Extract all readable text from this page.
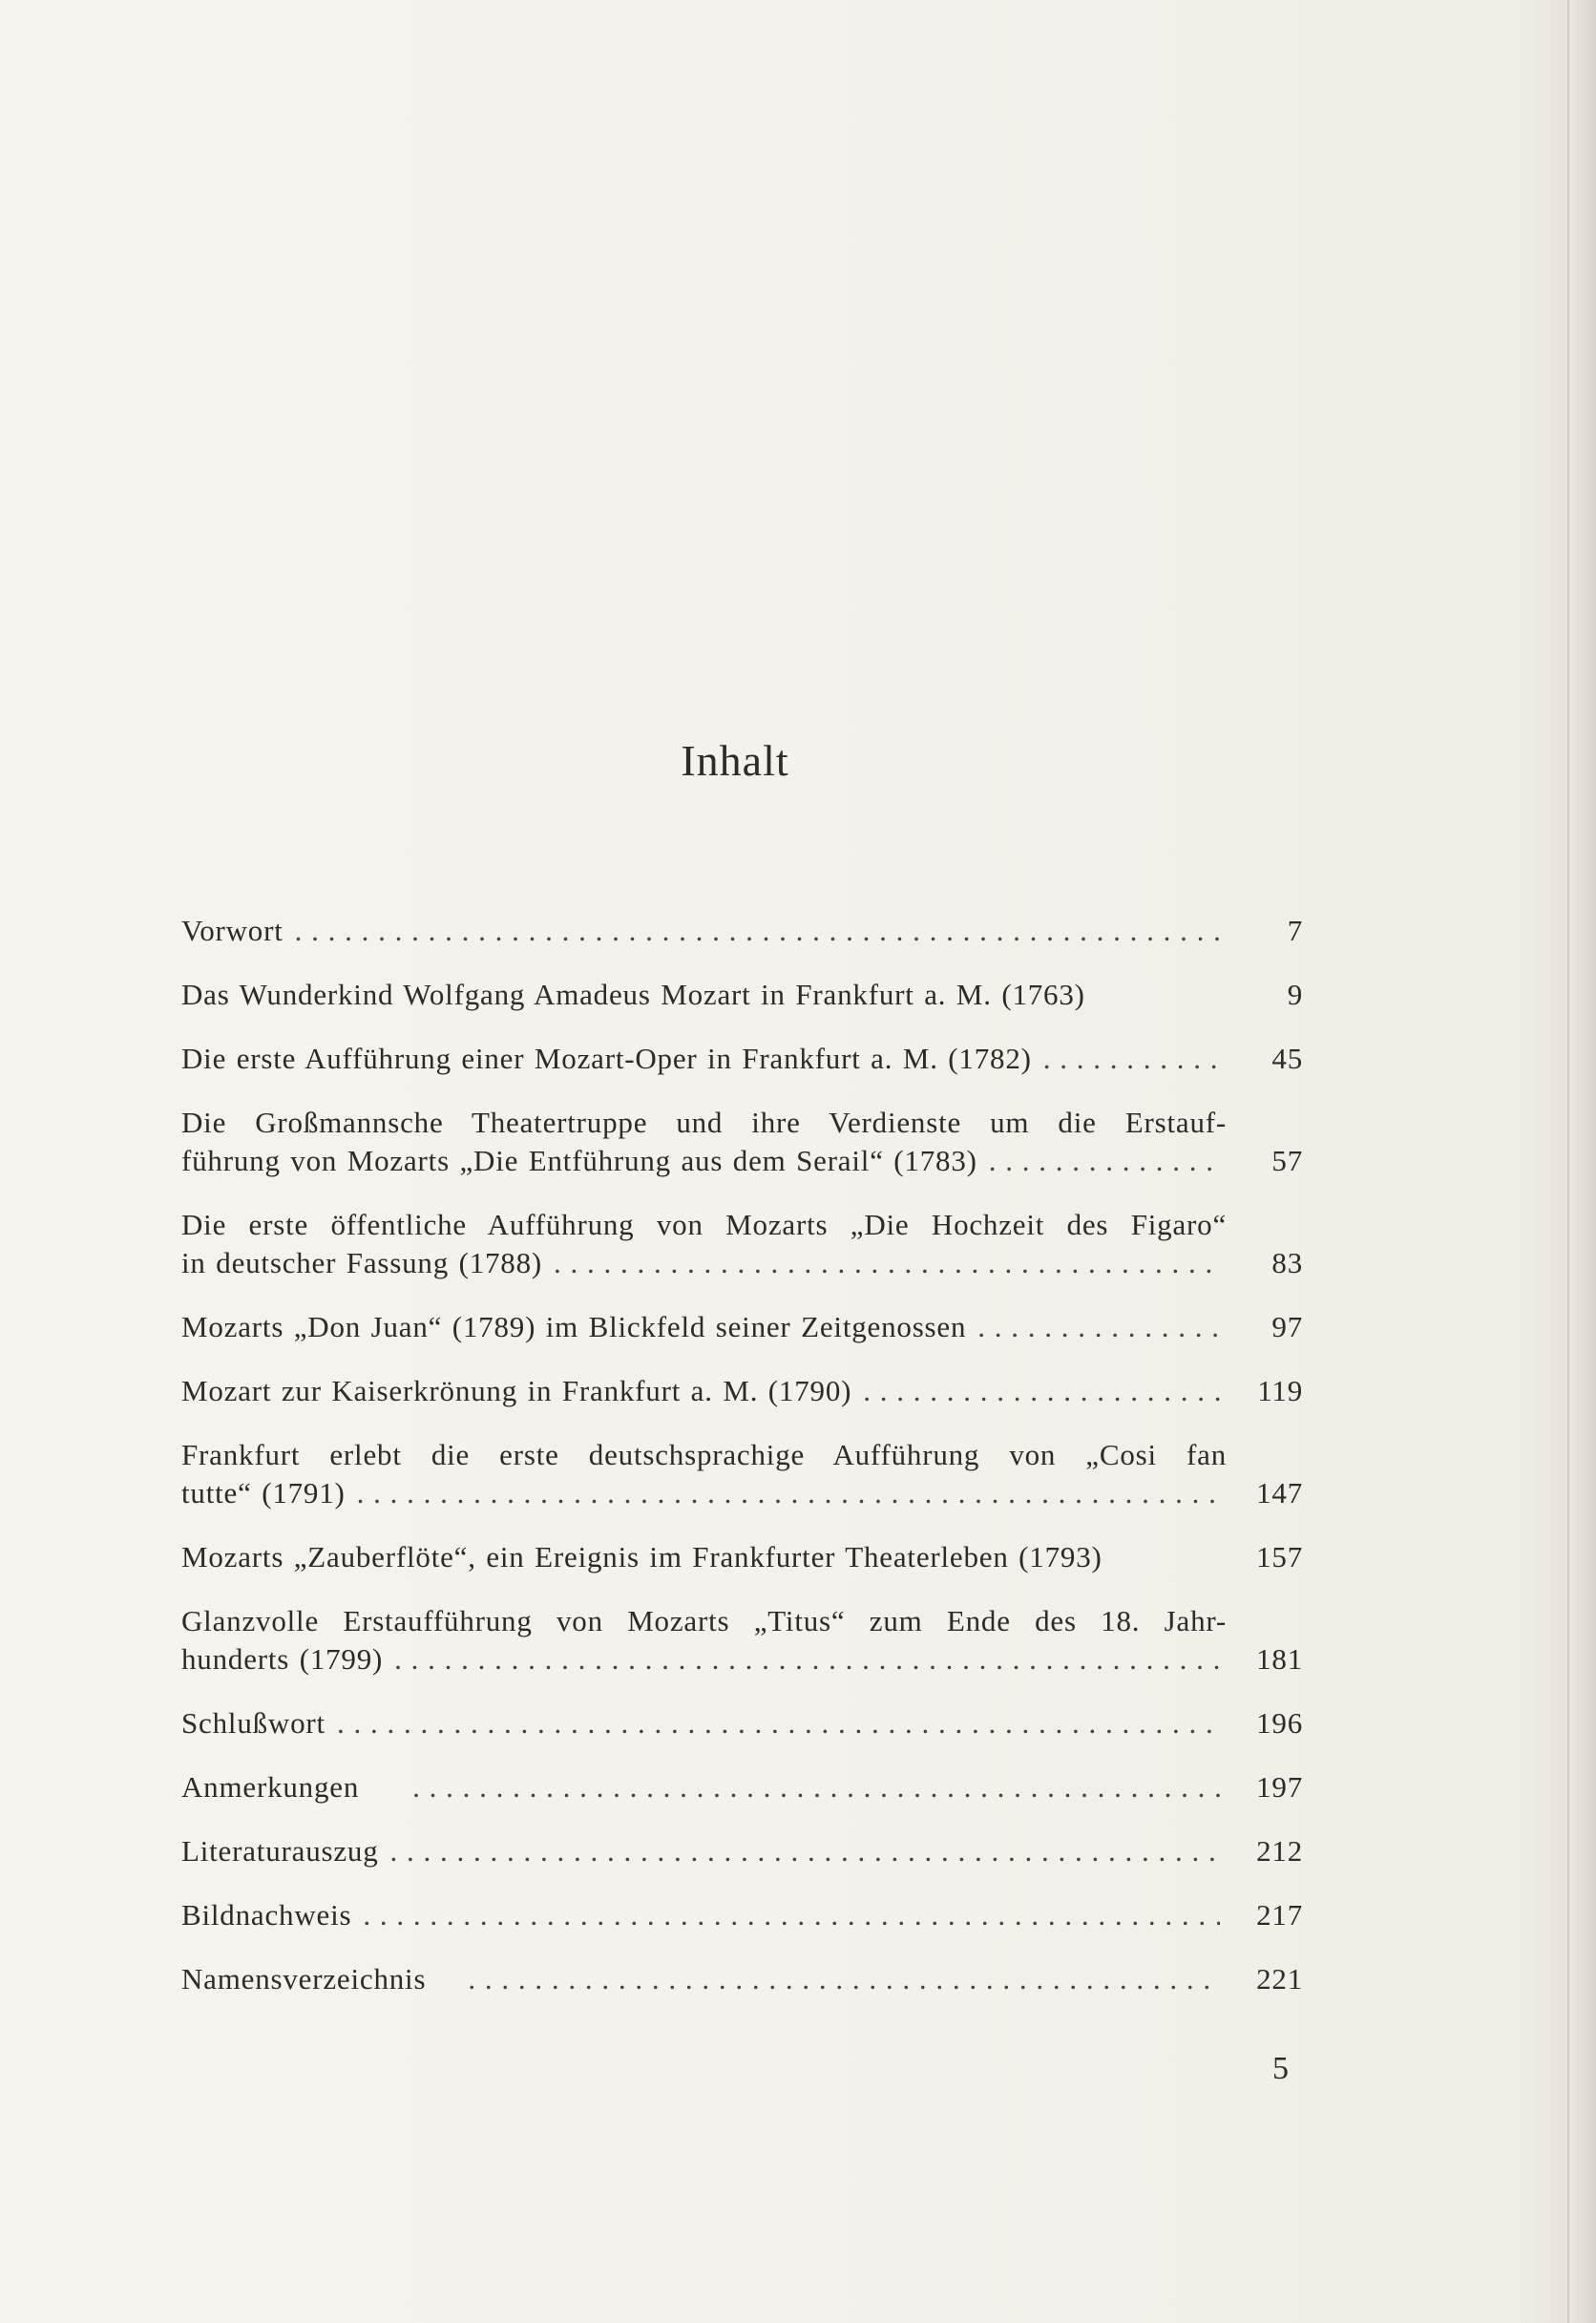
Inhalt
Vorwort . . .	7
Das Wunderkind Wolfgang Amadeus Mozart in Frankfurt a. M. (1763)	9
Die erste Aufführung einer Mozart-Oper in Frankfurt a. M. (1782) . . .	45
Die Großmannsche Theatertruppe und ihre Verdienste um die Erstauf-
führung von Mozarts „Die Entführung aus dem Serail“ (1783) . . .	57
Die erste öffentliche Aufführung von Mozarts „Die Hochzeit des Figaro“
in deutscher Fassung (1788) . . .	83
Mozarts „Don Juan“ (1789) im Blickfeld seiner Zeitgenossen . . .	97
Mozart zur Kaiserkrönung in Frankfurt a. M. (1790) . . .	119
Frankfurt erlebt die erste deutschsprachige Aufführung von „Cosi fan
tutte“ (1791) . . .	147
Mozarts „Zauberflöte“, ein Ereignis im Frankfurter Theaterleben (1793)	157
Glanzvolle Erstaufführung von Mozarts „Titus“ zum Ende des 18. Jahr-
hunderts (1799) . . .	181
Schlußwort . . .	196
Anmerkungen . . .	197
Literaturauszug . . .	212
Bildnachweis . . .	217
Namensverzeichnis . . .	221
5
